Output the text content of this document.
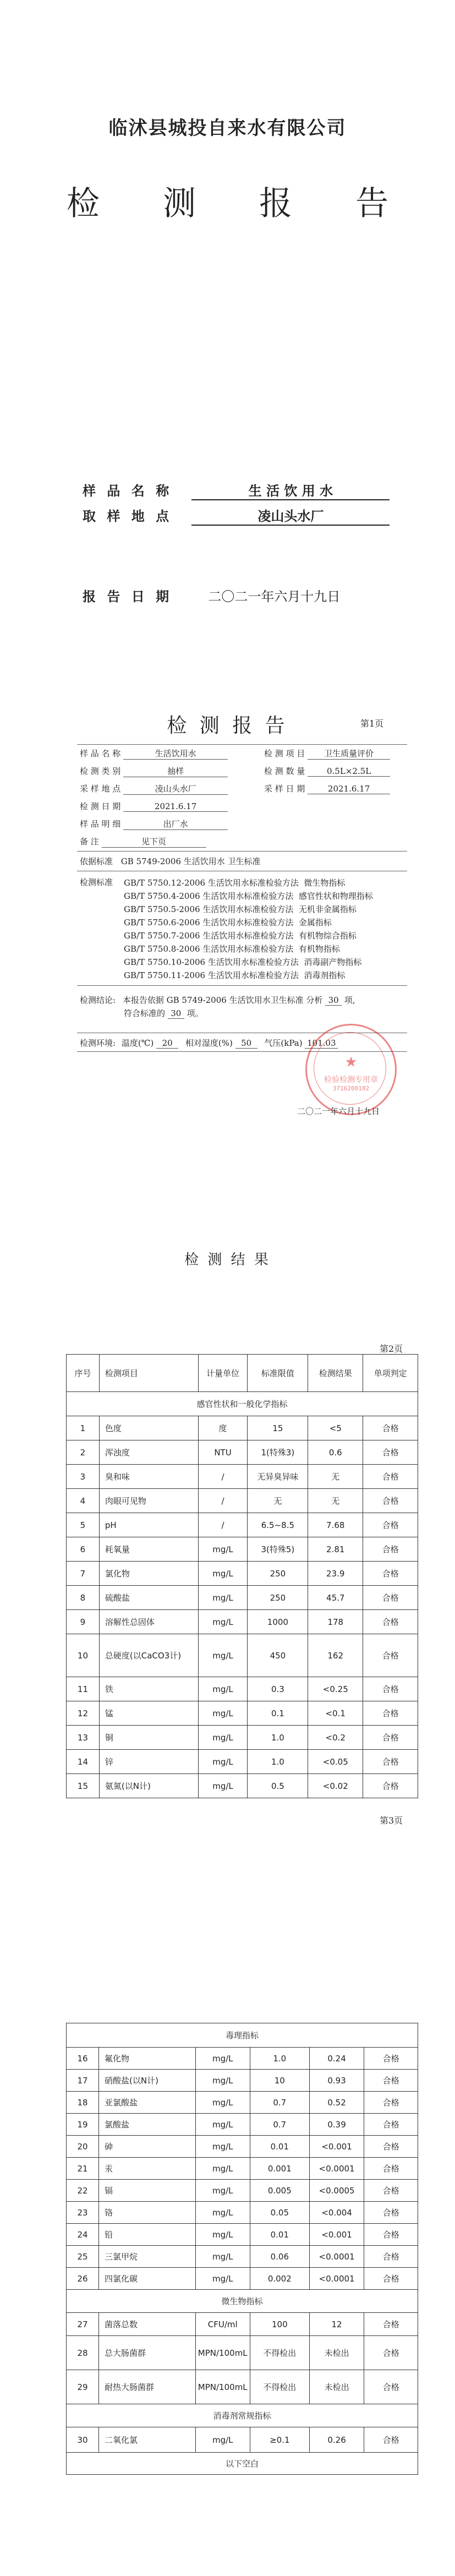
临沭县城投自来水有限公司
检 测 报 告
样 品 名 称	生 活 饮 用 水
取 样 地 点	凌山头水厂
报 告 日 期	二〇二一年六月十九日
检 测 报 告	第1页
样 品 名 称	生活饮用水	检 测 项 目 卫生质量评价
检 测 类 别	抽样	检 测 数 量	0.5L×2.5L
采 样 地 点	凌山头水厂	采 样 日 期	2021.6.17
检 测 日 期	2021.6.17
样 品 明 细	出厂水
备 注	见下页
依据标准 GB 5749-2006 生活饮用水 卫生标准
检测标准 GB/T 5750.12-2006 生活饮用水标准检验方法  微生物指标
GB/T 5750.4-2006 生活饮用水标准检验方法  感官性状和物理指标
GB/T 5750.5-2006 生活饮用水标准检验方法  无机非金属指标
GB/T 5750.6-2006 生活饮用水标准检验方法  金属指标
GB/T 5750.7-2006 生活饮用水标准检验方法  有机物综合指标
GB/T 5750.8-2006 生活饮用水标准检验方法  有机物指标
GB/T 5750.10-2006 生活饮用水标准检验方法  消毒副产物指标
GB/T 5750.11-2006 生活饮用水标准检验方法  消毒剂指标
检测结论: 本报告依据 GB 5749-2006 生活饮用水卫生标准 分析 30 项,
符合标准的 30 项。
检测环境: 温度(℃) 20 相对湿度(%) 50 气压(kPa) 101.03
★
检验检测专用章
3716200102
二〇二一年六月十九日
检 测 结 果
第2页
序号	检测项目	计量单位	标准限值	检测结果	单项判定
感官性状和一般化学指标					
1	色度	度	15	<5	合格
2	浑浊度	NTU	1(特殊3)	0.6	合格
3	臭和味	/	无异臭异味	无	合格
4	肉眼可见物	/	无	无	合格
5	pH	/	6.5~8.5	7.68	合格
6	耗氧量	mg/L	3(特殊5)	2.81	合格
7	氯化物	mg/L	250	23.9	合格
8	硫酸盐	mg/L	250	45.7	合格
9	溶解性总固体	mg/L	1000	178	合格
10	总硬度(以CaCO3计)	mg/L	450	162	合格
11	铁	mg/L	0.3	<0.25	合格
12	锰	mg/L	0.1	<0.1	合格
13	铜	mg/L	1.0	<0.2	合格
14	锌	mg/L	1.0	<0.05	合格
15	氨氮(以N计)	mg/L	0.5	<0.02	合格
第3页
毒理指标					
16	氟化物	mg/L	1.0	0.24	合格
17	硝酸盐(以N计)	mg/L	10	0.93	合格
18	亚氯酸盐	mg/L	0.7	0.52	合格
19	氯酸盐	mg/L	0.7	0.39	合格
20	砷	mg/L	0.01	<0.001	合格
21	汞	mg/L	0.001	<0.0001	合格
22	镉	mg/L	0.005	<0.0005	合格
23	铬	mg/L	0.05	<0.004	合格
24	铅	mg/L	0.01	<0.001	合格
25	三氯甲烷	mg/L	0.06	<0.0001	合格
26	四氯化碳	mg/L	0.002	<0.0001	合格
微生物指标					
27	菌落总数	CFU/ml	100	12	合格
28	总大肠菌群	MPN/100mL	不得检出	未检出	合格
29	耐热大肠菌群	MPN/100mL	不得检出	未检出	合格
消毒剂常规指标					
30	二氧化氯	mg/L	≥0.1	0.26	合格
以下空白					
